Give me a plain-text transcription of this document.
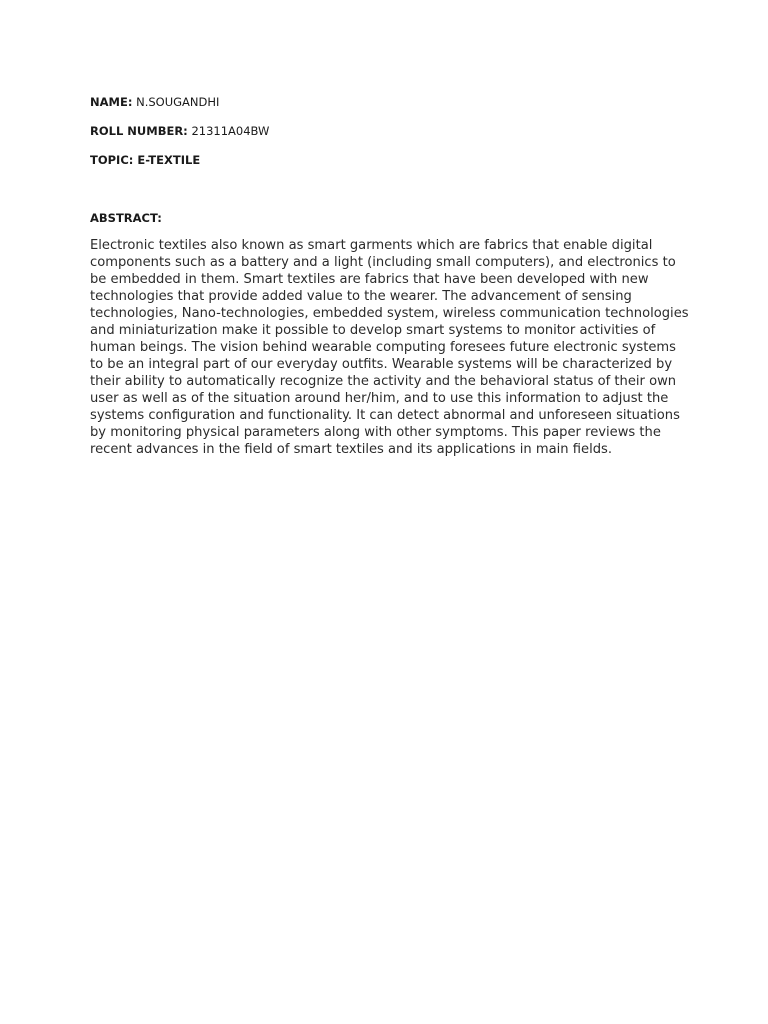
NAME: N.SOUGANDHI
ROLL NUMBER: 21311A04BW
TOPIC: E-TEXTILE
ABSTRACT:

Electronic textiles also known as smart garments which are fabrics that enable digital components such as a battery and a light (including small computers), and electronics to be embedded in them. Smart textiles are fabrics that have been developed with new technologies that provide added value to the wearer. The advancement of sensing technologies, Nano-technologies, embedded system, wireless communication technologies and miniaturization make it possible to develop smart systems to monitor activities of human beings. The vision behind wearable computing foresees future electronic systems to be an integral part of our everyday outfits. Wearable systems will be characterized by their ability to automatically recognize the activity and the behavioral status of their own user as well as of the situation around her/him, and to use this information to adjust the systems configuration and functionality. It can detect abnormal and unforeseen situations by monitoring physical parameters along with other symptoms. This paper reviews the recent advances in the field of smart textiles and its applications in main fields.
